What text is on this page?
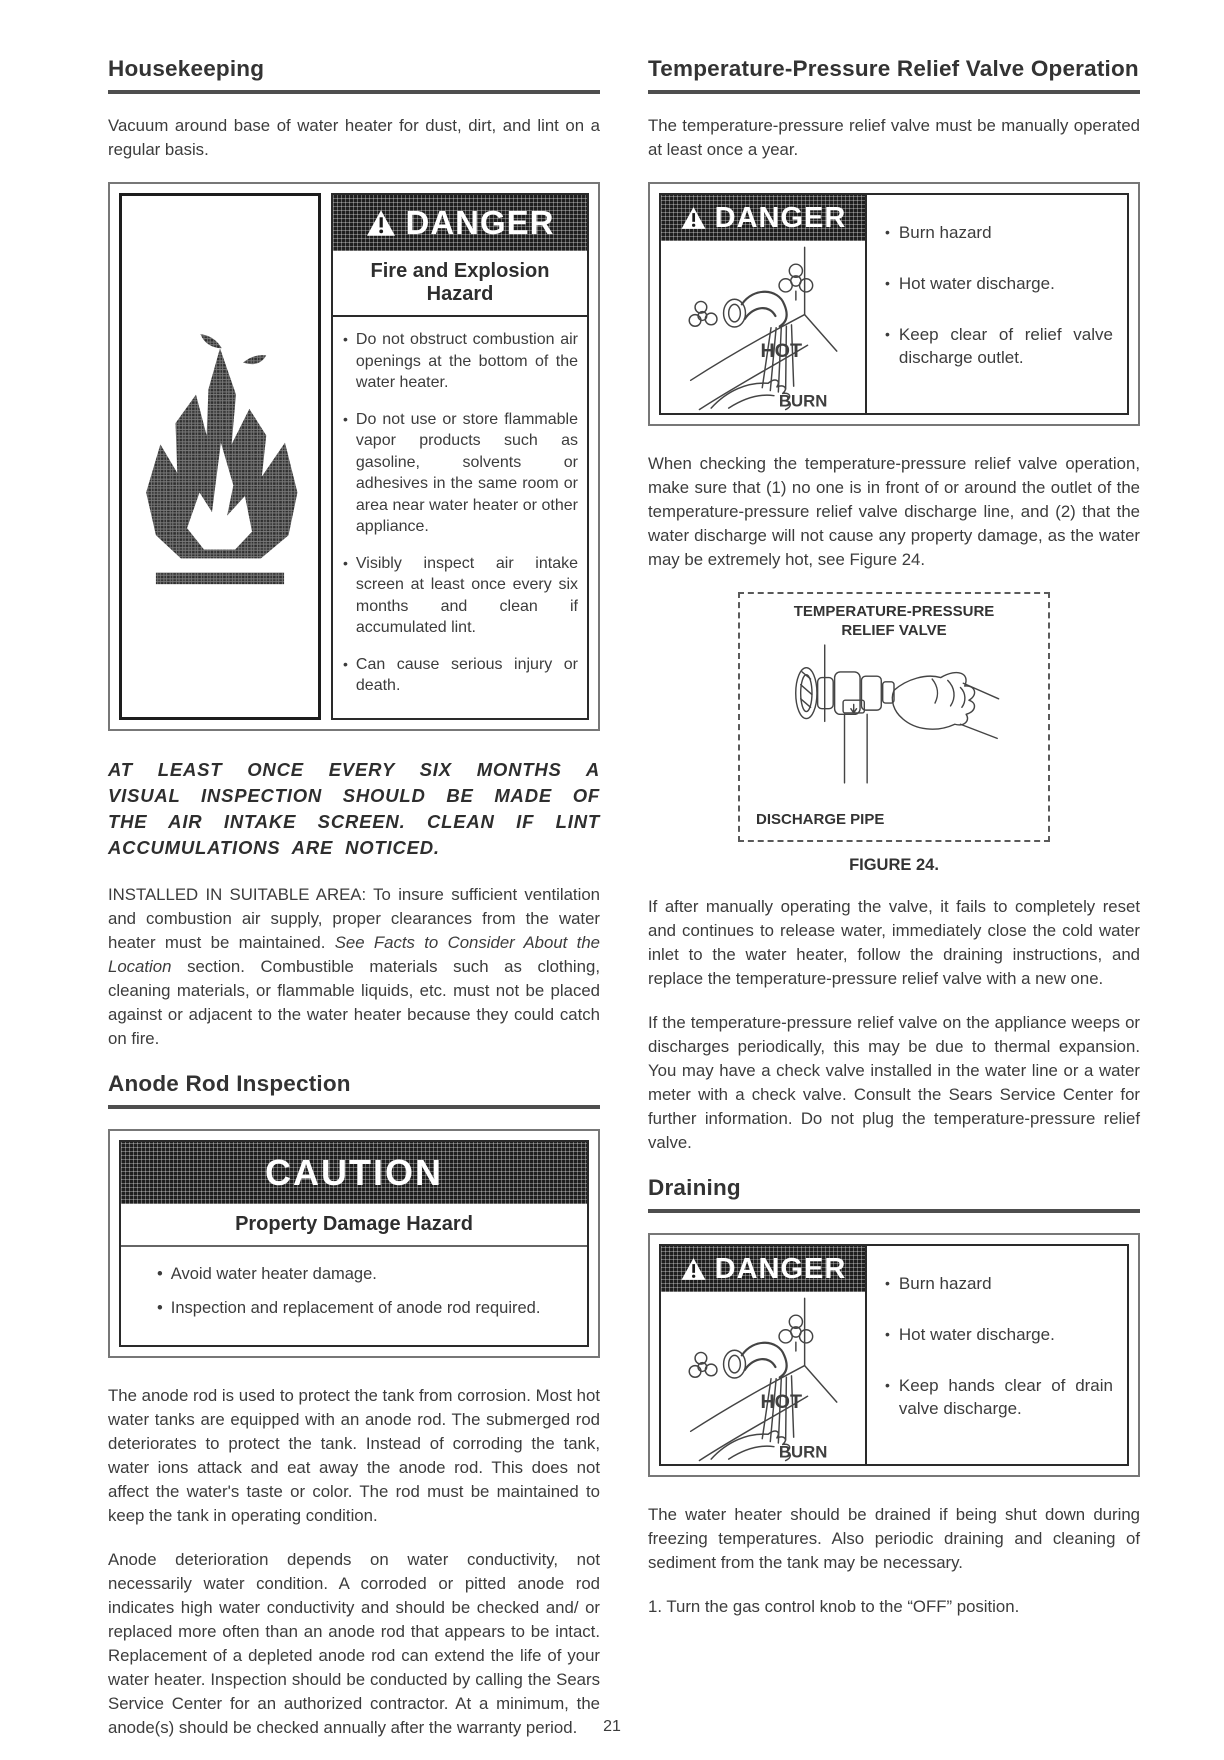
Housekeeping

Vacuum around base of water heater for dust, dirt, and lint on a regular basis.

DANGER
Fire and Explosion Hazard
• Do not obstruct combustion air openings at the bottom of the water heater.
• Do not use or store flammable vapor products such as gasoline, solvents or adhesives in the same room or area near water heater or other appliance.
• Visibly inspect air intake screen at least once every six months and clean if accumulated lint.
• Can cause serious injury or death.

AT LEAST ONCE EVERY SIX MONTHS A VISUAL INSPECTION SHOULD BE MADE OF THE AIR INTAKE SCREEN. CLEAN IF LINT ACCUMULATIONS ARE NOTICED.

INSTALLED IN SUITABLE AREA: To insure sufficient ventilation and combustion air supply, proper clearances from the water heater must be maintained. See Facts to Consider About the Location section. Combustible materials such as clothing, cleaning materials, or flammable liquids, etc. must not be placed against or adjacent to the water heater because they could catch on fire.

Anode Rod Inspection
CAUTION
Property Damage Hazard
• Avoid water heater damage.
• Inspection and replacement of anode rod required.

The anode rod is used to protect the tank from corrosion. Most hot water tanks are equipped with an anode rod. The submerged rod deteriorates to protect the tank. Instead of corroding the tank, water ions attack and eat away the anode rod. This does not affect the water's taste or color. The rod must be maintained to keep the tank in operating condition.

Anode deterioration depends on water conductivity, not necessarily water condition. A corroded or pitted anode rod indicates high water conductivity and should be checked and/ or replaced more often than an anode rod that appears to be intact. Replacement of a depleted anode rod can extend the life of your water heater. Inspection should be conducted by calling the Sears Service Center for an authorized contractor. At a minimum, the anode(s) should be checked annually after the warranty period.

Temperature-Pressure Relief Valve Operation

The temperature-pressure relief valve must be manually operated at least once a year.

DANGER
HOT
BURN
• Burn hazard
• Hot water discharge.
• Keep clear of relief valve discharge outlet.

When checking the temperature-pressure relief valve operation, make sure that (1) no one is in front of or around the outlet of the temperature-pressure relief valve discharge line, and (2) that the water discharge will not cause any property damage, as the water may be extremely hot, see Figure 24.

TEMPERATURE-PRESSURE
RELIEF VALVE
DISCHARGE PIPE
FIGURE 24.

If after manually operating the valve, it fails to completely reset and continues to release water, immediately close the cold water inlet to the water heater, follow the draining instructions, and replace the temperature-pressure relief valve with a new one.

If the temperature-pressure relief valve on the appliance weeps or discharges periodically, this may be due to thermal expansion. You may have a check valve installed in the water line or a water meter with a check valve. Consult the Sears Service Center for further information. Do not plug the temperature-pressure relief valve.

Draining
DANGER
HOT
BURN
• Burn hazard
• Hot water discharge.
• Keep hands clear of drain valve discharge.

The water heater should be drained if being shut down during freezing temperatures. Also periodic draining and cleaning of sediment from the tank may be necessary.

1. Turn the gas control knob to the “OFF” position.

21
